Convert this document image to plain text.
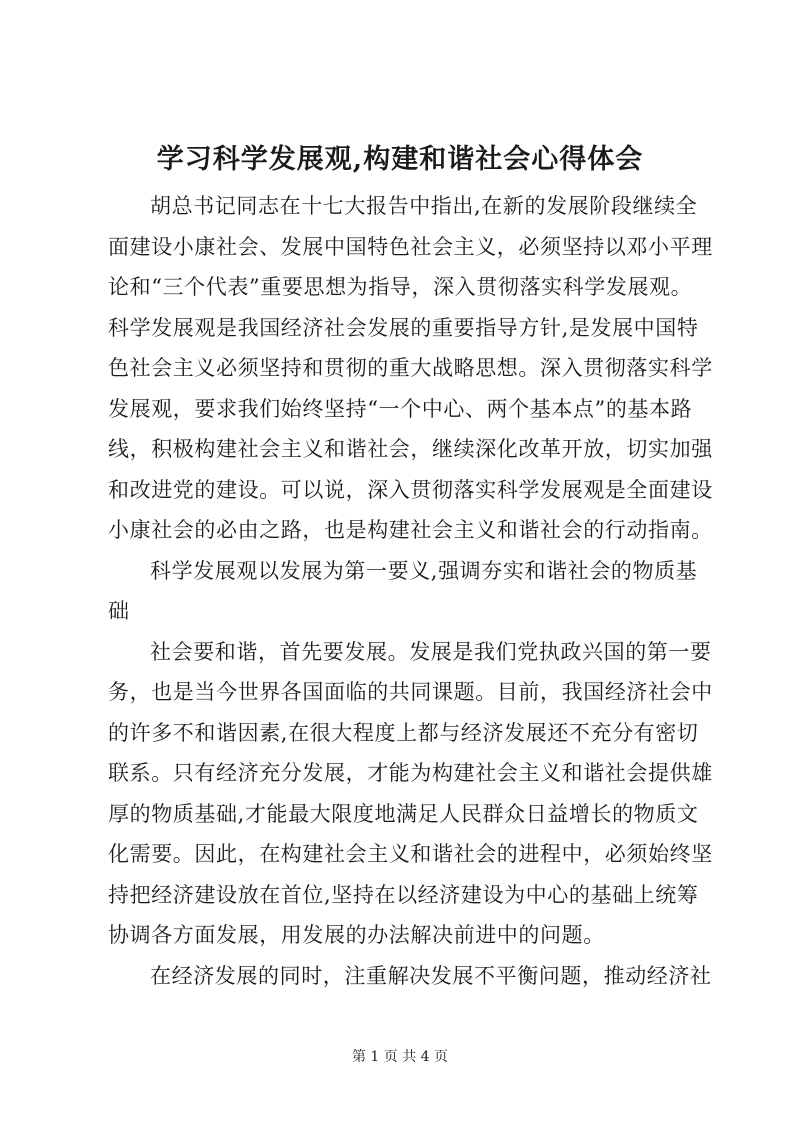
学习科学发展观,构建和谐社会心得体会
胡总书记同志在十七大报告中指出,在新的发展阶段继续全
面建设小康社会、发展中国特色社会主义，必须坚持以邓小平理
论和“三个代表”重要思想为指导，深入贯彻落实科学发展观。
科学发展观是我国经济社会发展的重要指导方针,是发展中国特
色社会主义必须坚持和贯彻的重大战略思想。深入贯彻落实科学
发展观，要求我们始终坚持“一个中心、两个基本点”的基本路
线，积极构建社会主义和谐社会，继续深化改革开放，切实加强
和改进党的建设。可以说，深入贯彻落实科学发展观是全面建设
小康社会的必由之路，也是构建社会主义和谐社会的行动指南。
科学发展观以发展为第一要义,强调夯实和谐社会的物质基
础
社会要和谐，首先要发展。发展是我们党执政兴国的第一要
务，也是当今世界各国面临的共同课题。目前，我国经济社会中
的许多不和谐因素,在很大程度上都与经济发展还不充分有密切
联系。只有经济充分发展，才能为构建社会主义和谐社会提供雄
厚的物质基础,才能最大限度地满足人民群众日益增长的物质文
化需要。因此，在构建社会主义和谐社会的进程中，必须始终坚
持把经济建设放在首位,坚持在以经济建设为中心的基础上统筹
协调各方面发展，用发展的办法解决前进中的问题。
在经济发展的同时，注重解决发展不平衡问题，推动经济社
第 1 页 共 4 页
